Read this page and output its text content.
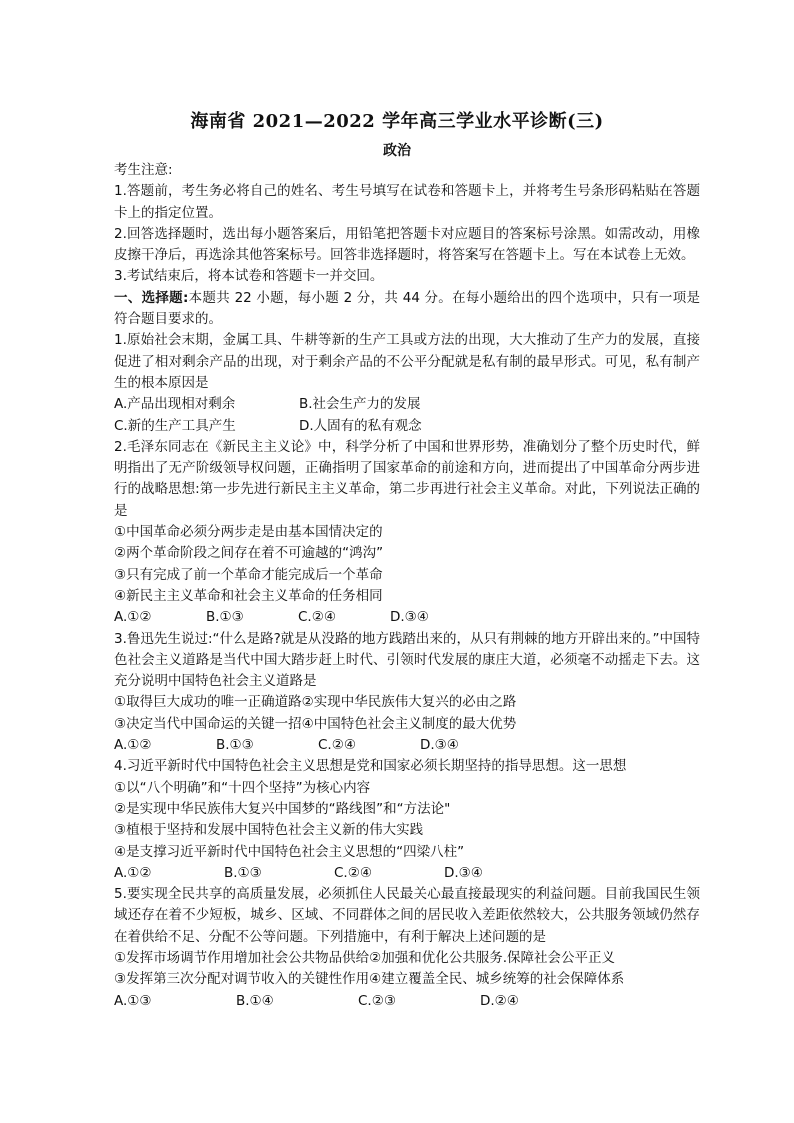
海南省 2021—2022 学年高三学业水平诊断(三)
政治
考生注意:
1.答题前，考生务必将自己的姓名、考生号填写在试卷和答题卡上，并将考生号条形码粘贴在答题卡上的指定位置。
2.回答选择题时，选出每小题答案后，用铅笔把答题卡对应题目的答案标号涂黑。如需改动，用橡皮擦干净后，再选涂其他答案标号。回答非选择题时，将答案写在答题卡上。写在本试卷上无效。
3.考试结束后，将本试卷和答题卡一并交回。
一、选择题:本题共 22 小题，每小题 2 分，共 44 分。在每小题给出的四个选项中，只有一项是符合题目要求的。
1.原始社会末期，金属工具、牛耕等新的生产工具或方法的出现，大大推动了生产力的发展，直接促进了相对剩余产品的出现，对于剩余产品的不公平分配就是私有制的最早形式。可见，私有制产生的根本原因是
A.产品出现相对剩余	B.社会生产力的发展
C.新的生产工具产生	D.人固有的私有观念
2.毛泽东同志在《新民主主义论》中，科学分析了中国和世界形势，准确划分了整个历史时代，鲜明指出了无产阶级领导权问题，正确指明了国家革命的前途和方向，进而提出了中国革命分两步进行的战略思想:第一步先进行新民主主义革命，第二步再进行社会主义革命。对此，下列说法正确的是
①中国革命必须分两步走是由基本国情决定的
②两个革命阶段之间存在着不可逾越的“鸿沟”
③只有完成了前一个革命才能完成后一个革命
④新民主主义革命和社会主义革命的任务相同
A.①②	B.①③	C.②④	D.③④
3.鲁迅先生说过:“什么是路?就是从没路的地方践踏出来的，从只有荆棘的地方开辟出来的。”中国特色社会主义道路是当代中国大踏步赶上时代、引领时代发展的康庄大道，必须毫不动摇走下去。这充分说明中国特色社会主义道路是
①取得巨大成功的唯一正确道路②实现中华民族伟大复兴的必由之路
③决定当代中国命运的关键一招④中国特色社会主义制度的最大优势
A.①②	B.①③	C.②④	D.③④
4.习近平新时代中国特色社会主义思想是党和国家必须长期坚持的指导思想。这一思想
①以“八个明确”和“十四个坚持”为核心内容
②是实现中华民族伟大复兴中国梦的“路线图”和“方法论"
③植根于坚持和发展中国特色社会主义新的伟大实践
④是支撑习近平新时代中国特色社会主义思想的“四梁八柱”
A.①②	B.①③	C.②④	D.③④
5.要实现全民共享的高质量发展，必须抓住人民最关心最直接最现实的利益问题。目前我国民生领域还存在着不少短板，城乡、区域、不同群体之间的居民收入差距依然较大，公共服务领域仍然存在着供给不足、分配不公等问题。下列措施中，有利于解决上述问题的是
①发挥市场调节作用增加社会公共物品供给②加强和优化公共服务.保障社会公平正义
③发挥第三次分配对调节收入的关键性作用④建立覆盖全民、城乡统筹的社会保障体系
A.①③	B.①④	C.②③	D.②④
